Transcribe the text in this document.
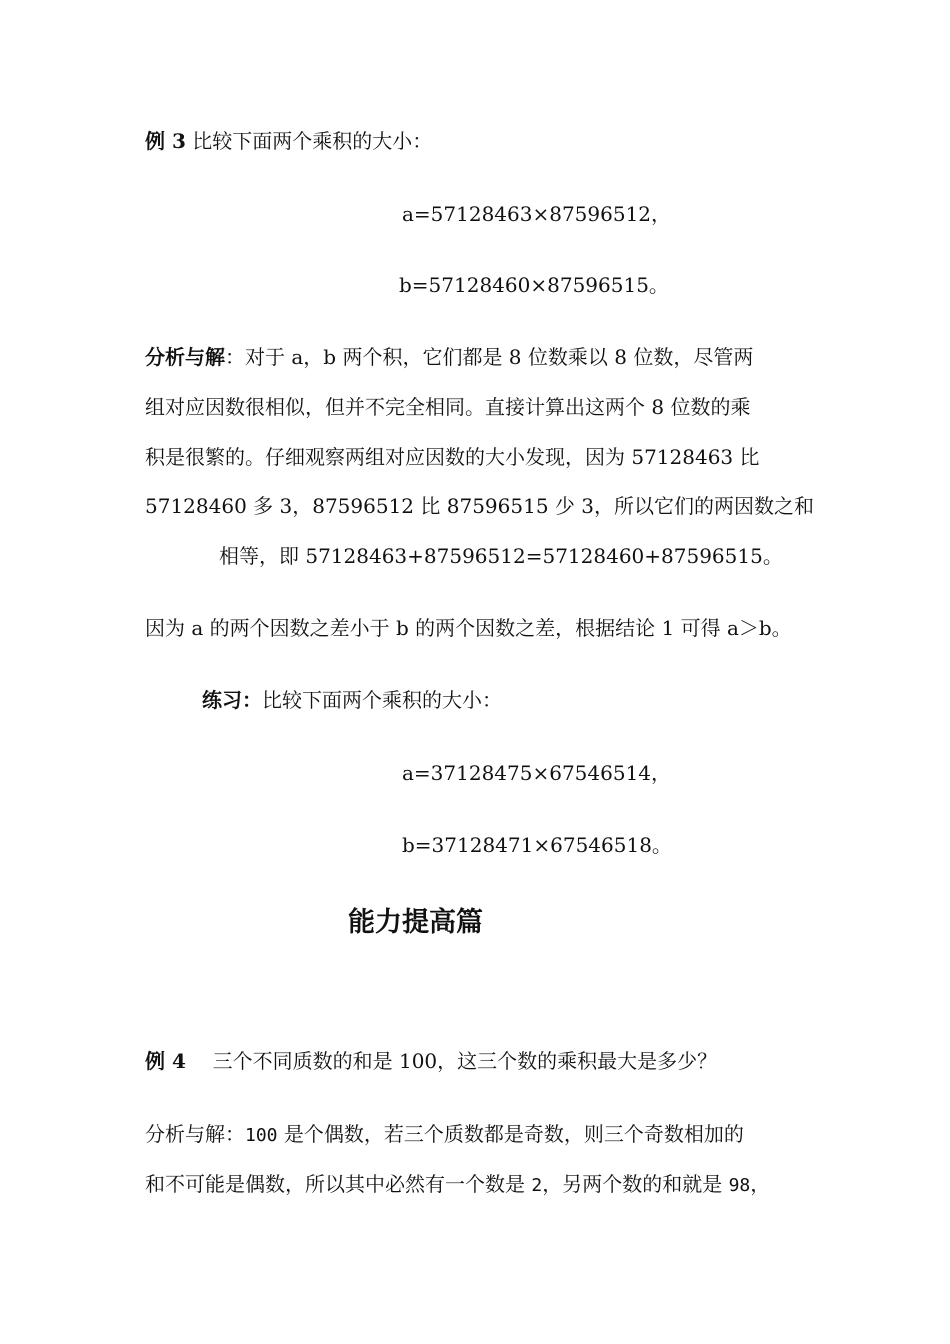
例 3 比较下面两个乘积的大小：
a=57128463×87596512，
b=57128460×87596515。
分析与解：对于 a，b 两个积，它们都是 8 位数乘以 8 位数，尽管两
组对应因数很相似，但并不完全相同。直接计算出这两个 8 位数的乘
积是很繁的。仔细观察两组对应因数的大小发现，因为 57128463 比
57128460 多 3，87596512 比 87596515 少 3，所以它们的两因数之和
相等，即 57128463+87596512=57128460+87596515。
因为 a 的两个因数之差小于 b 的两个因数之差，根据结论 1 可得 a＞b。
练习：比较下面两个乘积的大小：
a=37128475×67546514，
b=37128471×67546518。
能力提高篇
例 4 三个不同质数的和是 100，这三个数的乘积最大是多少？
分析与解：100 是个偶数，若三个质数都是奇数，则三个奇数相加的
和不可能是偶数，所以其中必然有一个数是 2，另两个数的和就是 98，
